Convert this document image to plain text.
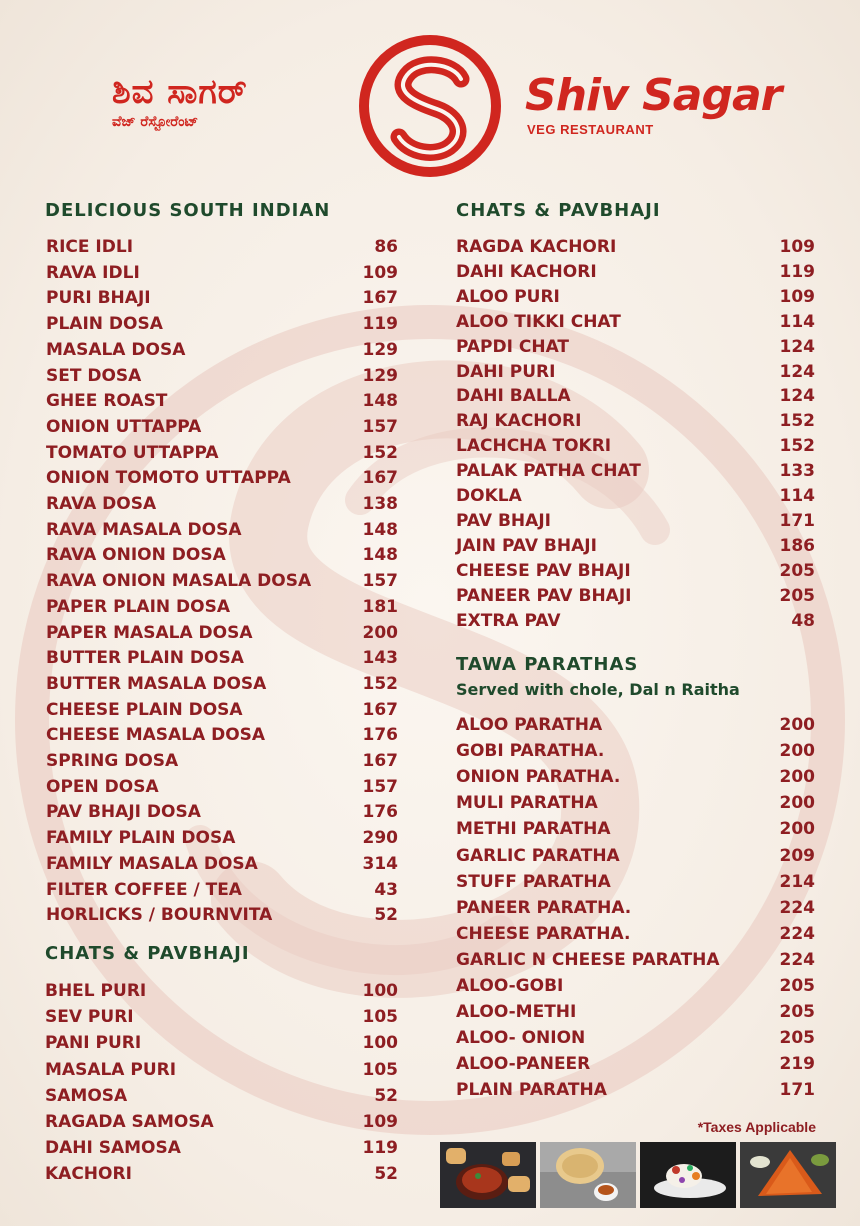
ಶಿವ ಸಾಗರ್
ವೆಜ್ ರೆಸ್ಟೋರೆಂಟ್
Shiv Sagar
VEG RESTAURANT
DELICIOUS SOUTH INDIAN
RICE IDLI	86
RAVA IDLI	109
PURI BHAJI	167
PLAIN DOSA	119
MASALA DOSA	129
SET DOSA	129
GHEE ROAST	148
ONION UTTAPPA	157
TOMATO UTTAPPA	152
ONION TOMOTO UTTAPPA	167
RAVA DOSA	138
RAVA MASALA DOSA	148
RAVA ONION DOSA	148
RAVA ONION MASALA DOSA	157
PAPER PLAIN DOSA	181
PAPER MASALA DOSA	200
BUTTER PLAIN DOSA	143
BUTTER MASALA DOSA	152
CHEESE PLAIN DOSA	167
CHEESE MASALA DOSA	176
SPRING DOSA	167
OPEN DOSA	157
PAV BHAJI DOSA	176
FAMILY PLAIN DOSA	290
FAMILY MASALA DOSA	314
FILTER COFFEE / TEA	43
HORLICKS / BOURNVITA	52
CHATS & PAVBHAJI
BHEL PURI	100
SEV PURI	105
PANI PURI	100
MASALA PURI	105
SAMOSA	52
RAGADA SAMOSA	109
DAHI SAMOSA	119
KACHORI	52
CHATS & PAVBHAJI
RAGDA KACHORI	109
DAHI KACHORI	119
ALOO PURI	109
ALOO TIKKI CHAT	114
PAPDI CHAT	124
DAHI PURI	124
DAHI BALLA	124
RAJ KACHORI	152
LACHCHA TOKRI	152
PALAK PATHA CHAT	133
DOKLA	114
PAV BHAJI	171
JAIN PAV BHAJI	186
CHEESE PAV BHAJI	205
PANEER PAV BHAJI	205
EXTRA PAV	48
TAWA PARATHAS
Served with chole, Dal n Raitha
ALOO PARATHA	200
GOBI PARATHA.	200
ONION PARATHA.	200
MULI PARATHA	200
METHI PARATHA	200
GARLIC PARATHA	209
STUFF PARATHA	214
PANEER PARATHA.	224
CHEESE PARATHA.	224
GARLIC N CHEESE PARATHA	224
ALOO-GOBI	205
ALOO-METHI	205
ALOO- ONION	205
ALOO-PANEER	219
PLAIN PARATHA	171
*Taxes Applicable
